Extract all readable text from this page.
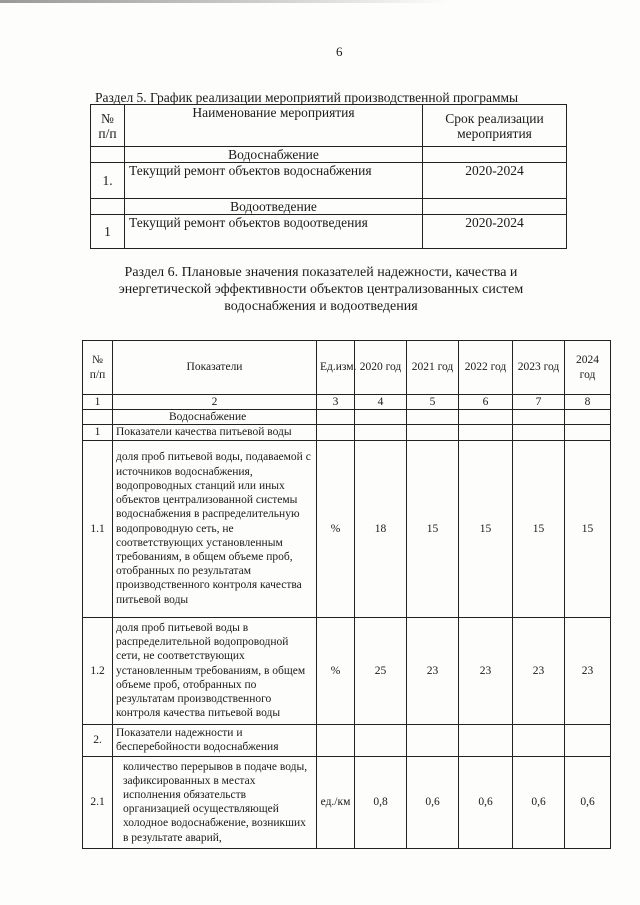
6
Раздел 5. График реализации мероприятий производственной программы
№ п/п	Наименование мероприятия	Срок реализации мероприятия
	Водоснабжение	
1.	Текущий ремонт объектов водоснабжения	2020-2024
	Водоотведение	
1	Текущий ремонт объектов водоотведения	2020-2024
Раздел 6. Плановые значения показателей надежности, качества и энергетической эффективности объектов централизованных систем водоснабжения и водоотведения
№ п/п	Показатели	Ед.изм.	2020 год	2021 год	2022 год	2023 год	2024 год
1	2	3	4	5	6	7	8
	Водоснабжение						
1	Показатели качества питьевой воды						
1.1	доля проб питьевой воды, подаваемой с источников водоснабжения, водопроводных станций или иных объектов централизованной системы водоснабжения в распределительную водопроводную сеть, не соответствующих установленным требованиям, в общем объеме проб, отобранных по результатам производственного контроля качества питьевой воды	%	18	15	15	15	15
1.2	доля проб питьевой воды в распределительной водопроводной сети, не соответствующих установленным требованиям, в общем объеме проб, отобранных по результатам производственного контроля качества питьевой воды	%	25	23	23	23	23
2.	Показатели надежности и бесперебойности водоснабжения						
2.1	количество перерывов в подаче воды, зафиксированных в местах исполнения обязательств организацией осуществляющей холодное водоснабжение, возникших в результате аварий,	ед./км	0,8	0,6	0,6	0,6	0,6
